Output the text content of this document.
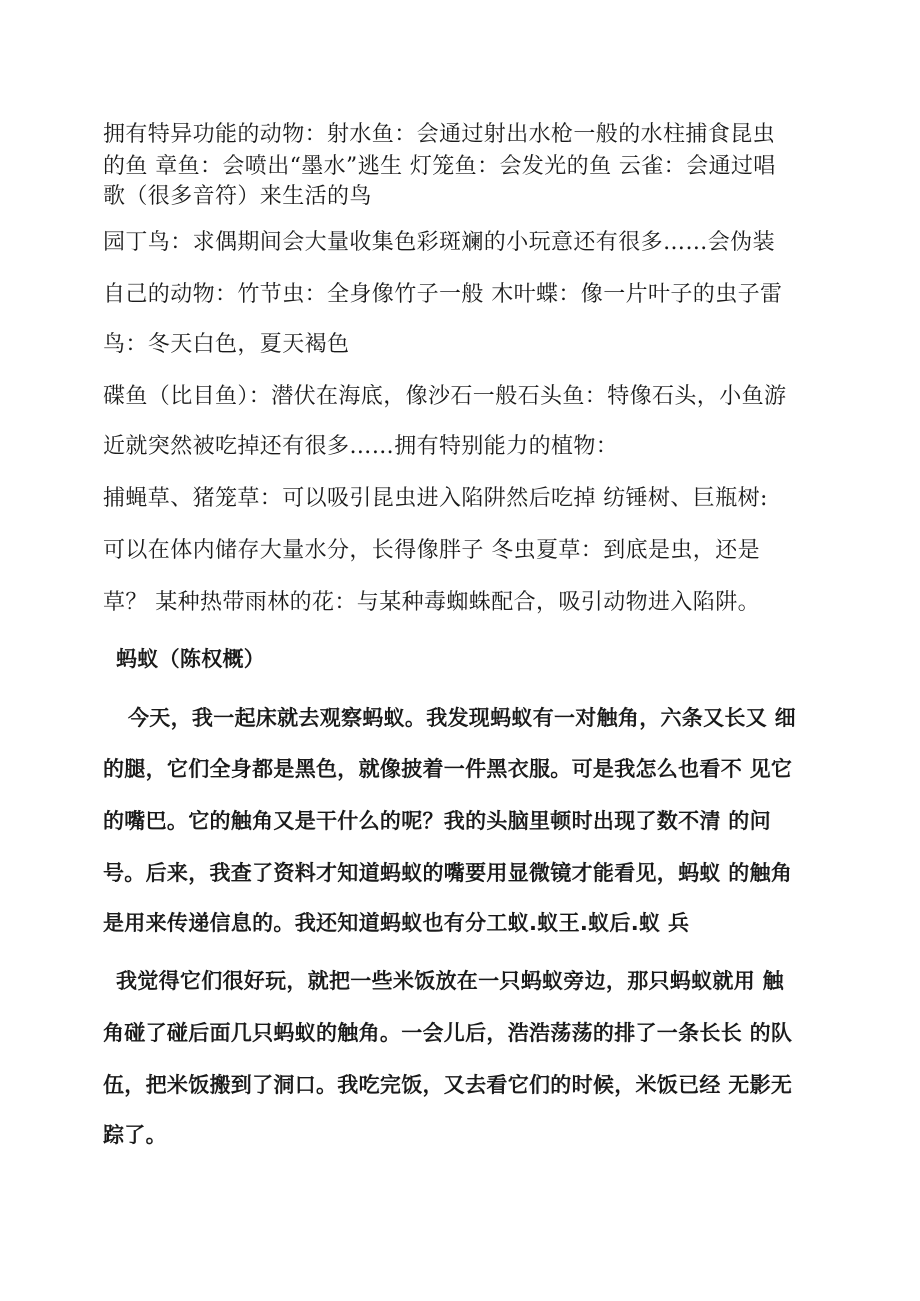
拥有特异功能的动物：射水鱼：会通过射出水枪一般的水柱捕食昆虫

的鱼 章鱼：会喷出“墨水”逃生 灯笼鱼：会发光的鱼 云雀：会通过唱

歌（很多音符）来生活的鸟

园丁鸟：求偶期间会大量收集色彩斑斓的小玩意还有很多……会伪装

自己的动物：竹节虫：全身像竹子一般 木叶蝶：像一片叶子的虫子雷

鸟：冬天白色，夏天褐色

碟鱼（比目鱼）：潜伏在海底，像沙石一般石头鱼：特像石头，小鱼游

近就突然被吃掉还有很多……拥有特别能力的植物：

捕蝇草、猪笼草：可以吸引昆虫进入陷阱然后吃掉 纺锤树、巨瓶树:

可以在体内储存大量水分，长得像胖子 冬虫夏草：到底是虫，还是

草？ 某种热带雨林的花：与某种毒蜘蛛配合，吸引动物进入陷阱。

蚂蚁（陈权概）

今天，我一起床就去观察蚂蚁。我发现蚂蚁有一对触角，六条又长又 细

的腿，它们全身都是黑色，就像披着一件黑衣服。可是我怎么也看不 见它

的嘴巴。它的触角又是干什么的呢？我的头脑里顿时出现了数不清 的问

号。后来，我查了资料才知道蚂蚁的嘴要用显微镜才能看见，蚂蚁 的触角

是用来传递信息的。我还知道蚂蚁也有分工蚁.蚁王.蚁后.蚁 兵

我觉得它们很好玩，就把一些米饭放在一只蚂蚁旁边，那只蚂蚁就用 触

角碰了碰后面几只蚂蚁的触角。一会儿后，浩浩荡荡的排了一条长长 的队

伍，把米饭搬到了洞口。我吃完饭，又去看它们的时候，米饭已经 无影无

踪了。
